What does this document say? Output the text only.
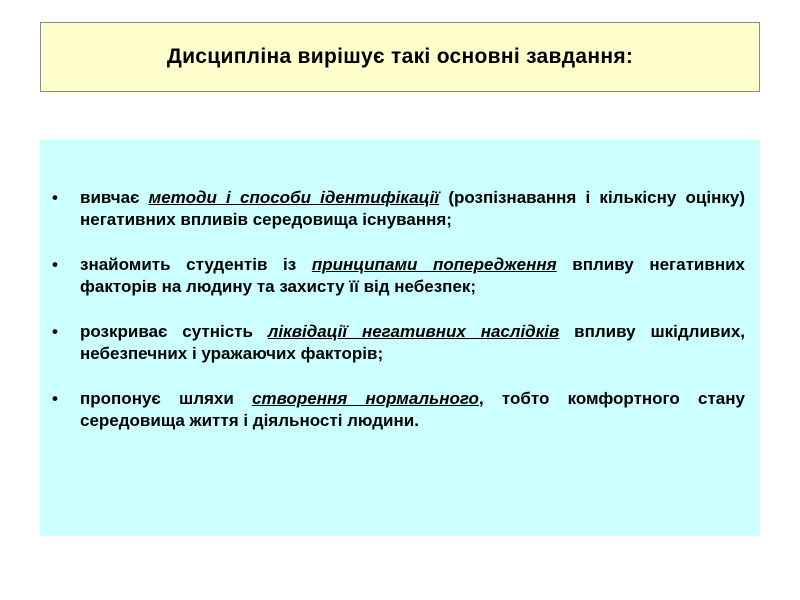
Дисципліна вирішує такі основні завдання:
• вивчає методи і способи ідентифікації (розпізнавання і кількісну оцінку) негативних впливів середовища існування;
• знайомить студентів із принципами попередження впливу негативних факторів на людину та захисту її від небезпек;
• розкриває сутність ліквідації негативних наслідків впливу шкідливих, небезпечних і уражаючих факторів;
• пропонує шляхи створення нормального, тобто комфортного стану середовища життя і діяльності людини.
